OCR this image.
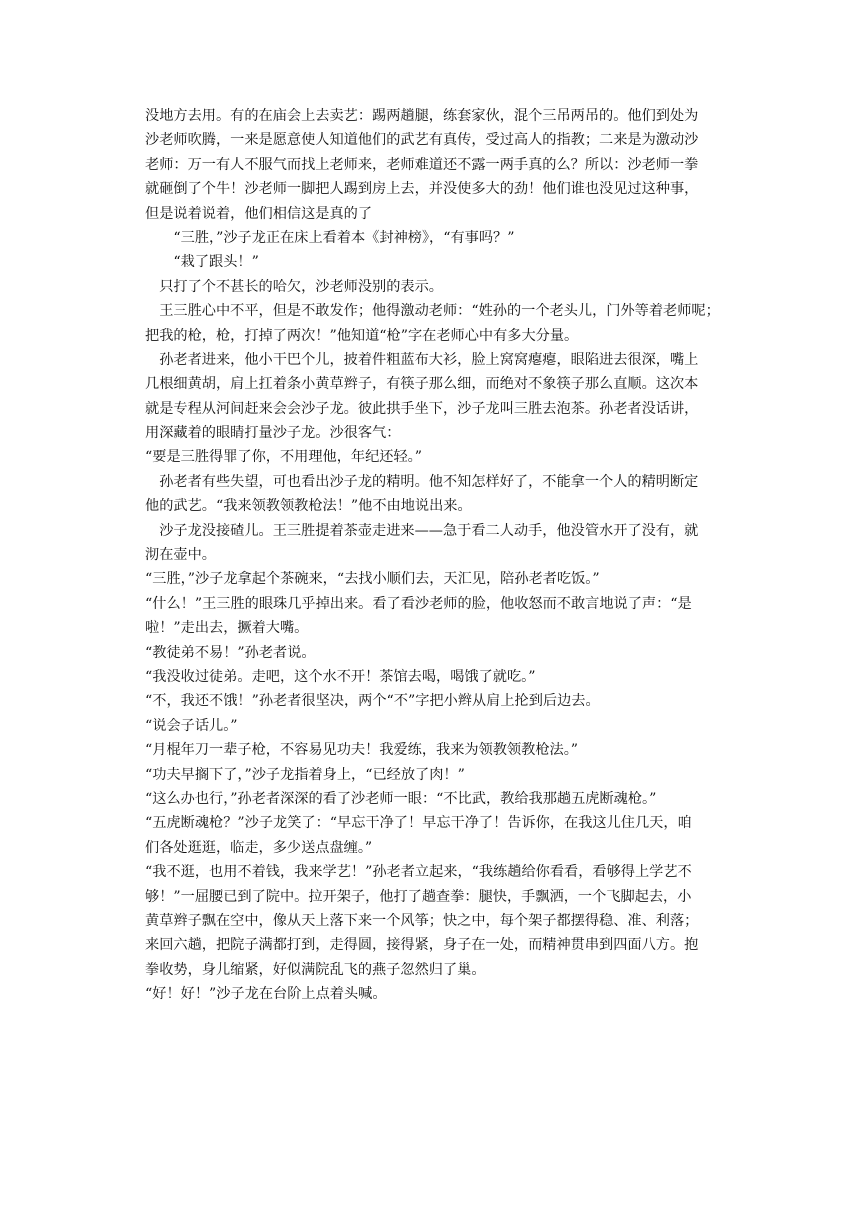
没地方去用。有的在庙会上去卖艺：踢两趟腿，练套家伙，混个三吊两吊的。他们到处为
沙老师吹腾，一来是愿意使人知道他们的武艺有真传，受过高人的指教；二来是为激动沙
老师：万一有人不服气而找上老师来，老师难道还不露一两手真的么？所以：沙老师一拳
就砸倒了个牛！沙老师一脚把人踢到房上去，并没使多大的劲！他们谁也没见过这种事，
但是说着说着，他们相信这是真的了
　　“三胜，”沙子龙正在床上看着本《封神榜》，“有事吗？”
　　“栽了跟头！”
　只打了个不甚长的哈欠，沙老师没别的表示。
　王三胜心中不平，但是不敢发作；他得激动老师：“姓孙的一个老头儿，门外等着老师呢；
把我的枪，枪，打掉了两次！”他知道“枪”字在老师心中有多大分量。
　孙老者进来，他小干巴个儿，披着件粗蓝布大衫，脸上窝窝瘪瘪，眼陷进去很深，嘴上
几根细黄胡，肩上扛着条小黄草辫子，有筷子那么细，而绝对不象筷子那么直顺。这次本
就是专程从河间赶来会会沙子龙。彼此拱手坐下，沙子龙叫三胜去泡茶。孙老者没话讲，
用深藏着的眼睛打量沙子龙。沙很客气：
“要是三胜得罪了你，不用理他，年纪还轻。”
　孙老者有些失望，可也看出沙子龙的精明。他不知怎样好了，不能拿一个人的精明断定
他的武艺。“我来领教领教枪法！”他不由地说出来。
　沙子龙没接碴儿。王三胜提着茶壶走进来——急于看二人动手，他没管水开了没有，就
沏在壶中。
“三胜，”沙子龙拿起个茶碗来，“去找小顺们去，天汇见，陪孙老者吃饭。”
“什么！”王三胜的眼珠几乎掉出来。看了看沙老师的脸，他收怒而不敢言地说了声：“是
啦！”走出去，撅着大嘴。
“教徒弟不易！”孙老者说。
“我没收过徒弟。走吧，这个水不开！茶馆去喝，喝饿了就吃。”
“不，我还不饿！”孙老者很坚决，两个“不”字把小辫从肩上抡到后边去。
“说会子话儿。”
“月棍年刀一辈子枪，不容易见功夫！我爱练，我来为领教领教枪法。”
“功夫早搁下了，”沙子龙指着身上，“已经放了肉！”
“这么办也行，”孙老者深深的看了沙老师一眼：“不比武，教给我那趟五虎断魂枪。”
“五虎断魂枪？”沙子龙笑了：“早忘干净了！早忘干净了！告诉你，在我这儿住几天，咱
们各处逛逛，临走，多少送点盘缠。”
“我不逛，也用不着钱，我来学艺！”孙老者立起来，“我练趟给你看看，看够得上学艺不
够！”一屈腰已到了院中。拉开架子，他打了趟查拳：腿快，手飘洒，一个飞脚起去，小
黄草辫子飘在空中，像从天上落下来一个风筝；快之中，每个架子都摆得稳、准、利落；
来回六趟，把院子满都打到，走得圆，接得紧，身子在一处，而精神贯串到四面八方。抱
拳收势，身儿缩紧，好似满院乱飞的燕子忽然归了巢。
“好！好！”沙子龙在台阶上点着头喊。
